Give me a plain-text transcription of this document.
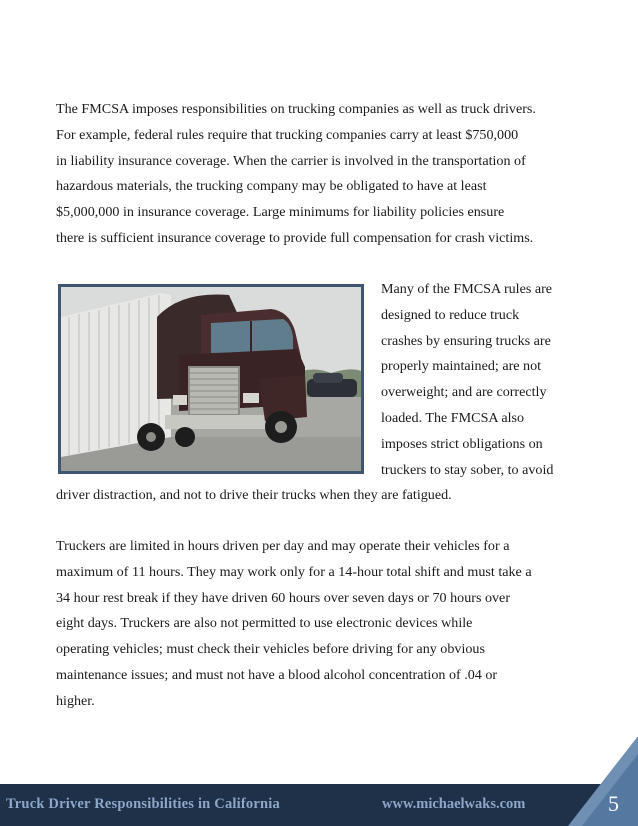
The FMCSA imposes responsibilities on trucking companies as well as truck drivers.
For example, federal rules require that trucking companies carry at least $750,000
in liability insurance coverage. When the carrier is involved in the transportation of
hazardous materials, the trucking company may be obligated to have at least
$5,000,000 in insurance coverage. Large minimums for liability policies ensure
there is sufficient insurance coverage to provide full compensation for crash victims.
Many of the FMCSA rules are
designed to reduce truck
crashes by ensuring trucks are
properly maintained; are not
overweight; and are correctly
loaded. The FMCSA also
imposes strict obligations on
truckers to stay sober, to avoid
driver distraction, and not to drive their trucks when they are fatigued.
Truckers are limited in hours driven per day and may operate their vehicles for a
maximum of 11 hours. They may work only for a 14-hour total shift and must take a
34 hour rest break if they have driven 60 hours over seven days or 70 hours over
eight days. Truckers are also not permitted to use electronic devices while
operating vehicles; must check their vehicles before driving for any obvious
maintenance issues; and must not have a blood alcohol concentration of .04 or
higher.
Truck Driver Responsibilities in California	www.michaelwaks.com	5
